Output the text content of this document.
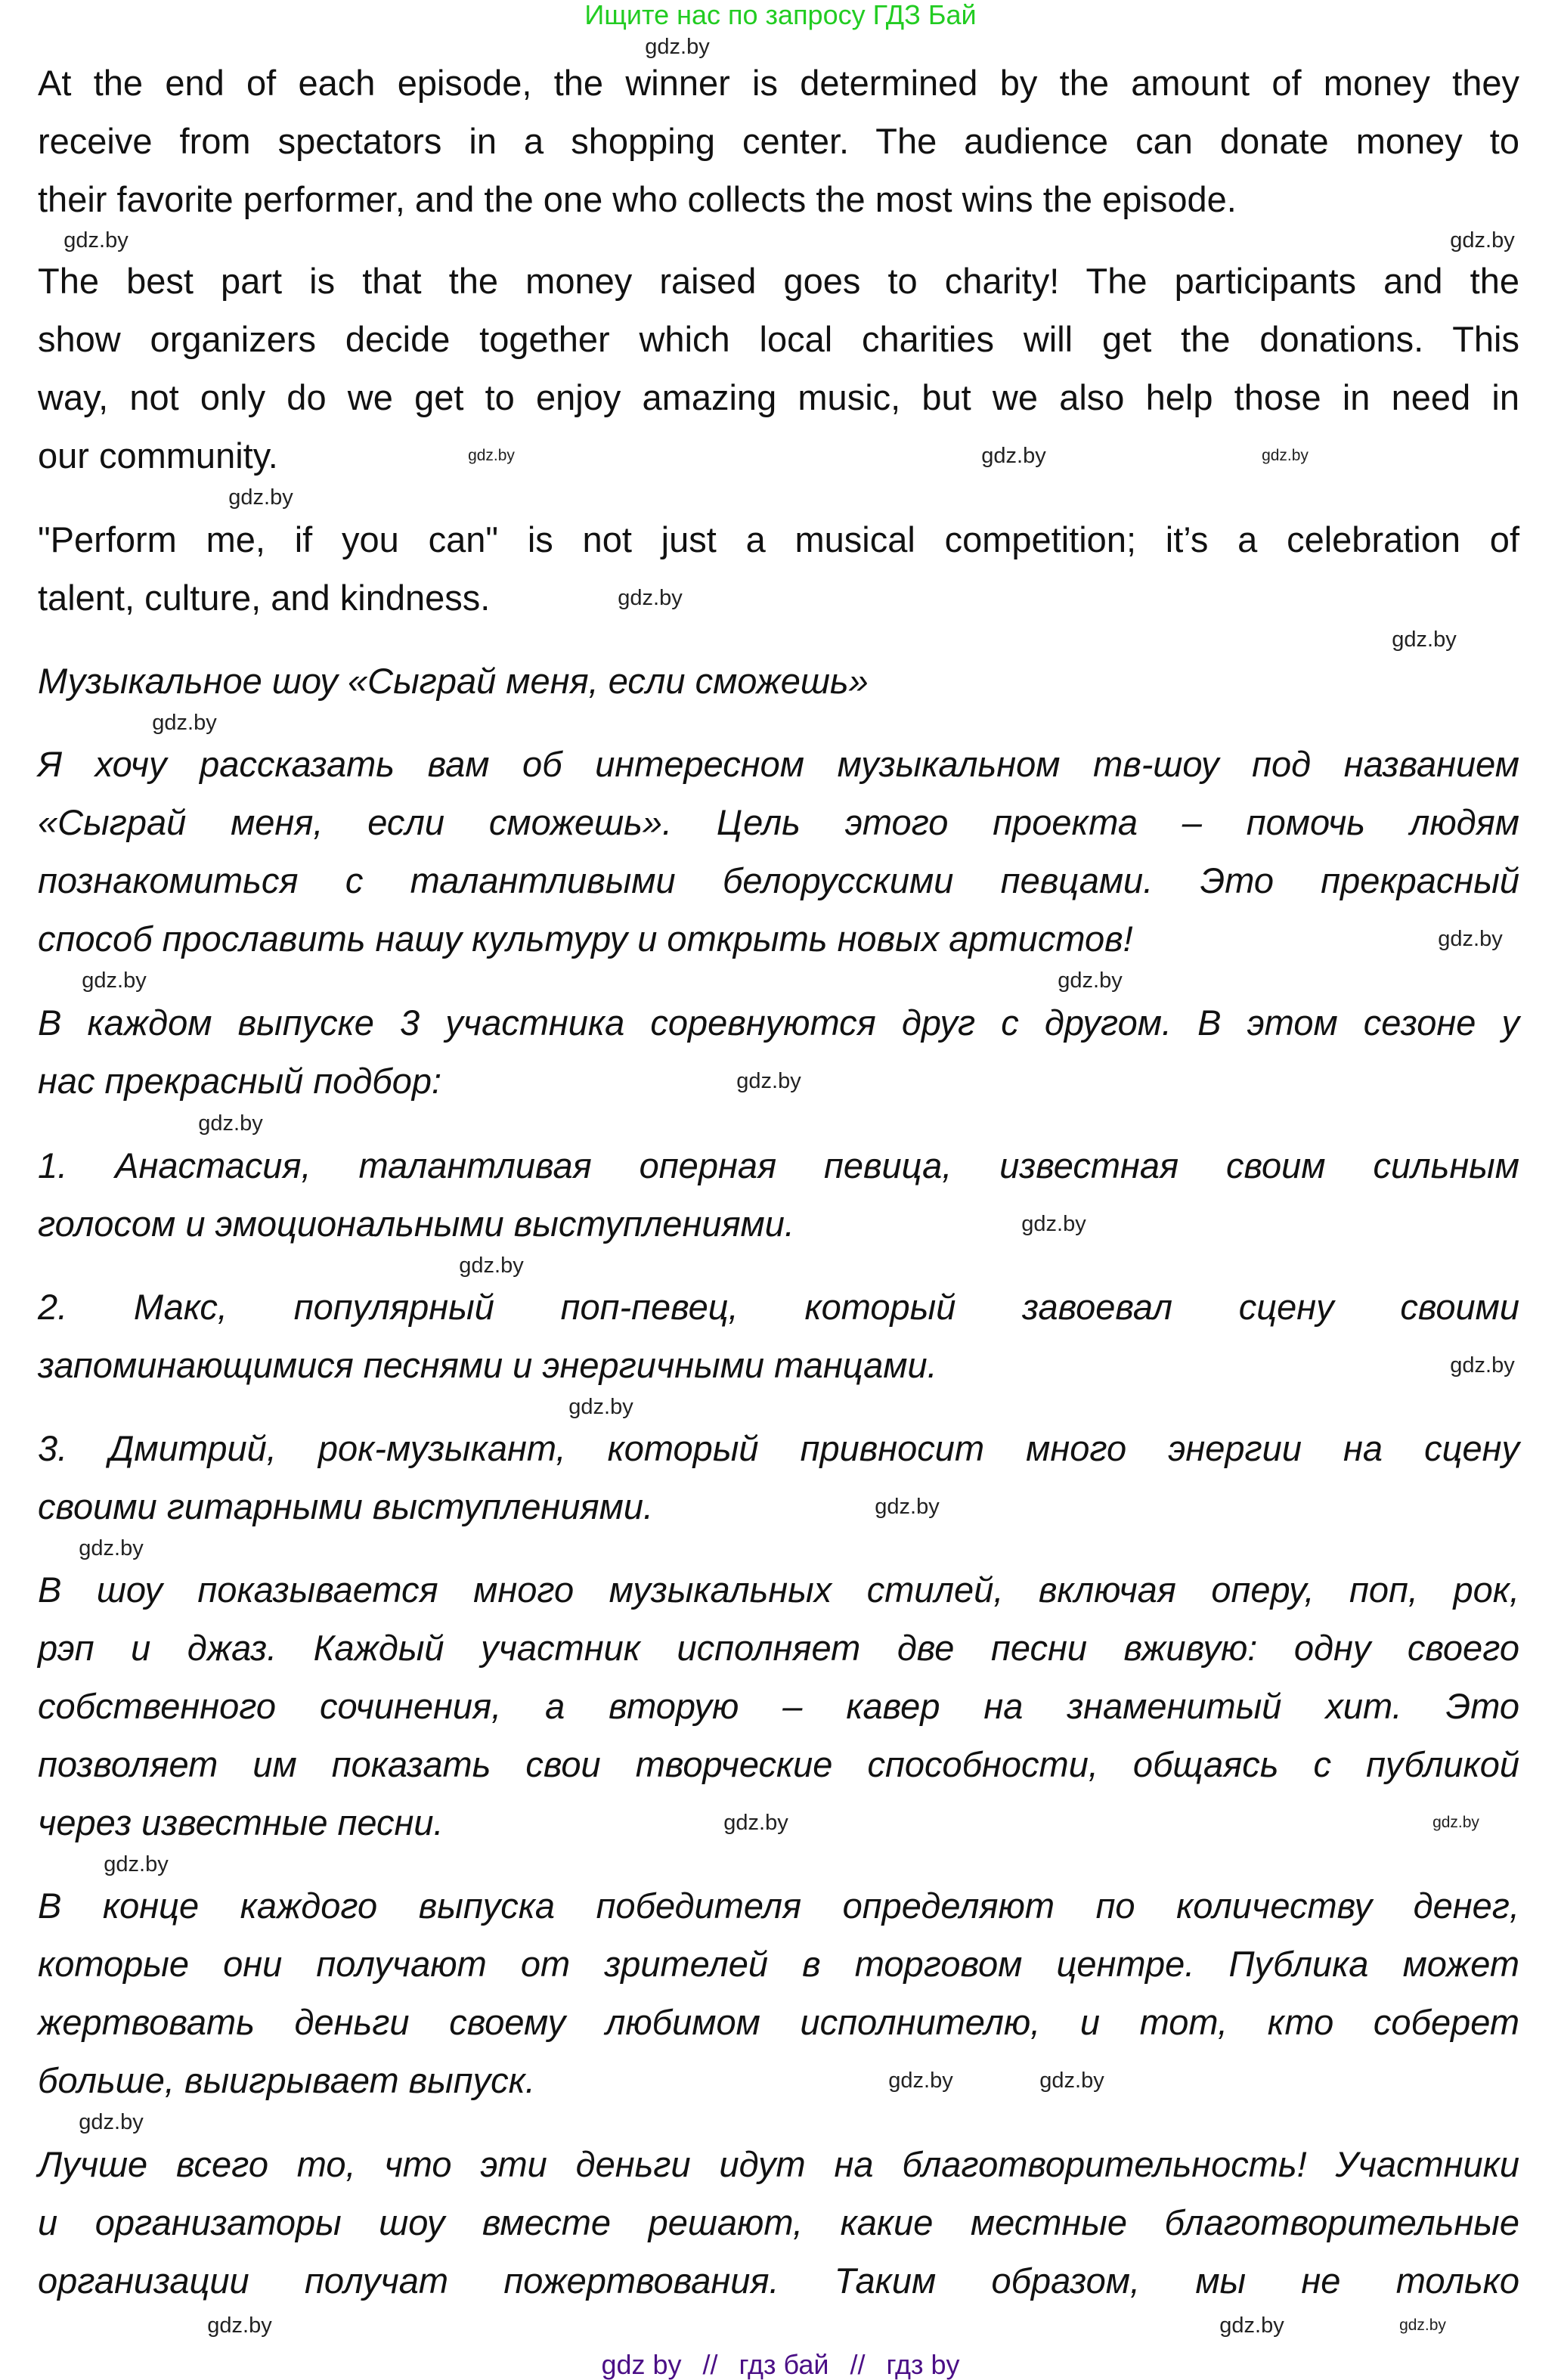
Ищите нас по запросу ГДЗ Бай
At the end of each episode, the winner is determined by the amount of money they
receive from spectators in a shopping center. The audience can donate money to
their favorite performer, and the one who collects the most wins the episode.
The best part is that the money raised goes to charity! The participants and the
show organizers decide together which local charities will get the donations. This
way, not only do we get to enjoy amazing music, but we also help those in need in
our community.
"Perform me, if you can" is not just a musical competition; it’s a celebration of
talent, culture, and kindness.
Музыкальное шоу «Сыграй меня, если сможешь»
Я хочу рассказать вам об интересном музыкальном тв-шоу под названием
«Сыграй меня, если сможешь». Цель этого проекта – помочь людям
познакомиться с талантливыми белорусскими певцами. Это прекрасный
способ прославить нашу культуру и открыть новых артистов!
В каждом выпуске 3 участника соревнуются друг с другом. В этом сезоне у
нас прекрасный подбор:
1. Анастасия, талантливая оперная певица, известная своим сильным
голосом и эмоциональными выступлениями.
2. Макс, популярный поп-певец, который завоевал сцену своими
запоминающимися песнями и энергичными танцами.
3. Дмитрий, рок-музыкант, который привносит много энергии на сцену
своими гитарными выступлениями.
В шоу показывается много музыкальных стилей, включая оперу, поп, рок,
рэп и джаз. Каждый участник исполняет две песни вживую: одну своего
собственного сочинения, а вторую – кавер на знаменитый хит. Это
позволяет им показать свои творческие способности, общаясь с публикой
через известные песни.
В конце каждого выпуска победителя определяют по количеству денег,
которые они получают от зрителей в торговом центре. Публика может
жертвовать деньги своему любимом исполнителю, и тот, кто соберет
больше, выигрывает выпуск.
Лучше всего то, что эти деньги идут на благотворительность! Участники
и организаторы шоу вместе решают, какие местные благотворительные
организации получат пожертвования. Таким образом, мы не только
gdz.by
gdz.by
gdz.by
gdz.by
gdz.by	gdz.by
gdz.by
gdz.by
gdz.by
gdz.by
gdz.by
gdz.by
gdz.by
gdz.by
gdz.by
gdz.by
gdz.by
gdz.by
gdz.by
gdz.by
gdz.by
gdz.by
gdz.by
gdz.by
gdz.by
gdz.by
gdz.by
gdz.by
gdz.by
gdz.by
gdz by // гдз бай // гдз by
